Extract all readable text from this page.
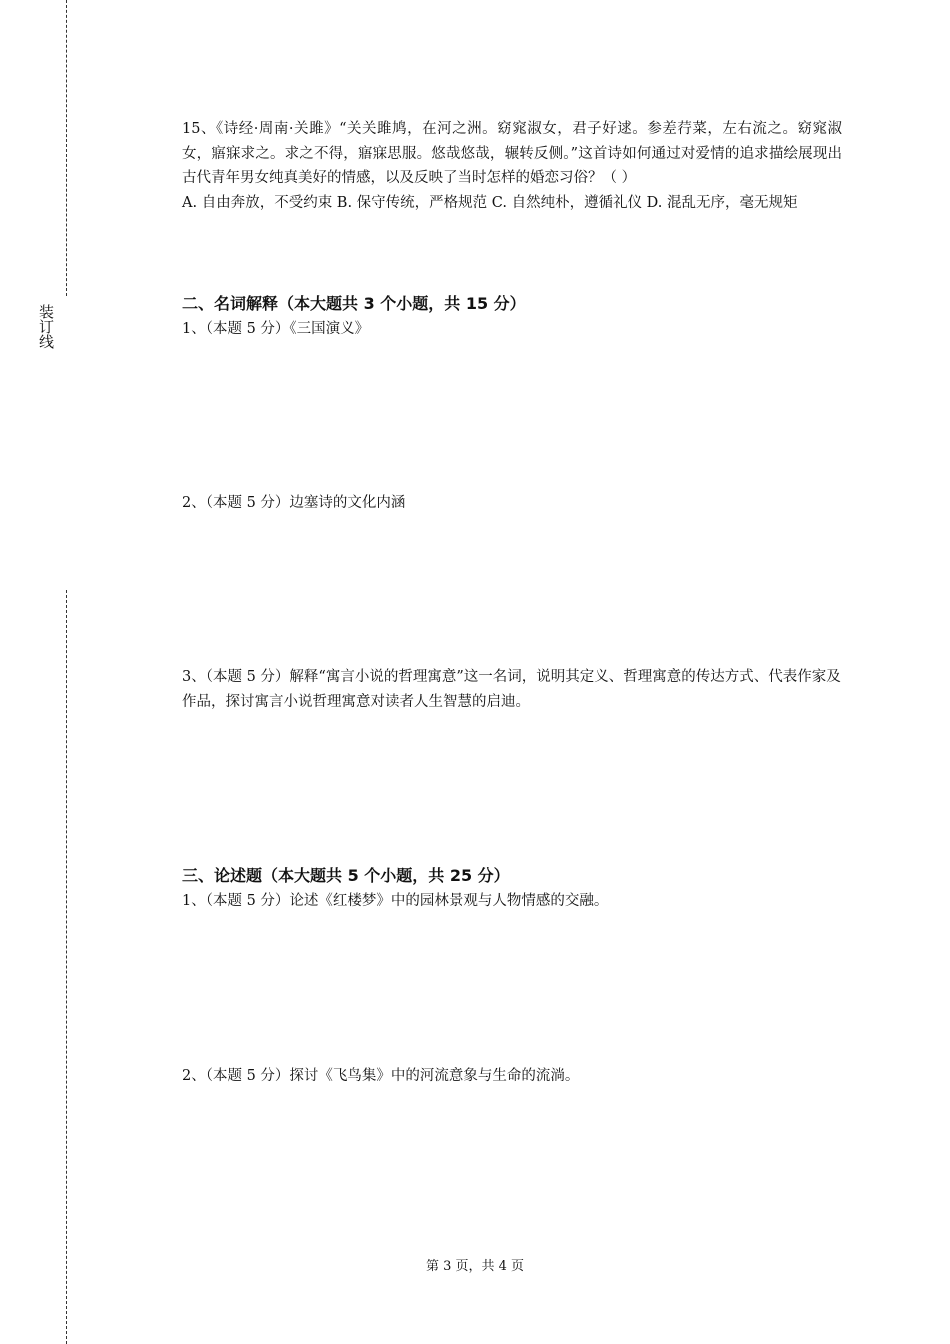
装订线
15、《诗经·周南·关雎》“关关雎鸠，在河之洲。窈窕淑女，君子好逑。参差荇菜，左右流之。窈窕淑女，寤寐求之。求之不得，寤寐思服。悠哉悠哉，辗转反侧。”这首诗如何通过对爱情的追求描绘展现出古代青年男女纯真美好的情感，以及反映了当时怎样的婚恋习俗？（ ）
A. 自由奔放，不受约束 B. 保守传统，严格规范 C. 自然纯朴，遵循礼仪 D. 混乱无序，毫无规矩
二、名词解释（本大题共 3 个小题，共 15 分）
1、（本题 5 分）《三国演义》
2、（本题 5 分）边塞诗的文化内涵
3、（本题 5 分）解释“寓言小说的哲理寓意”这一名词，说明其定义、哲理寓意的传达方式、代表作家及作品，探讨寓言小说哲理寓意对读者人生智慧的启迪。
三、论述题（本大题共 5 个小题，共 25 分）
1、（本题 5 分）论述《红楼梦》中的园林景观与人物情感的交融。
2、（本题 5 分）探讨《飞鸟集》中的河流意象与生命的流淌。
第 3 页，共 4 页
